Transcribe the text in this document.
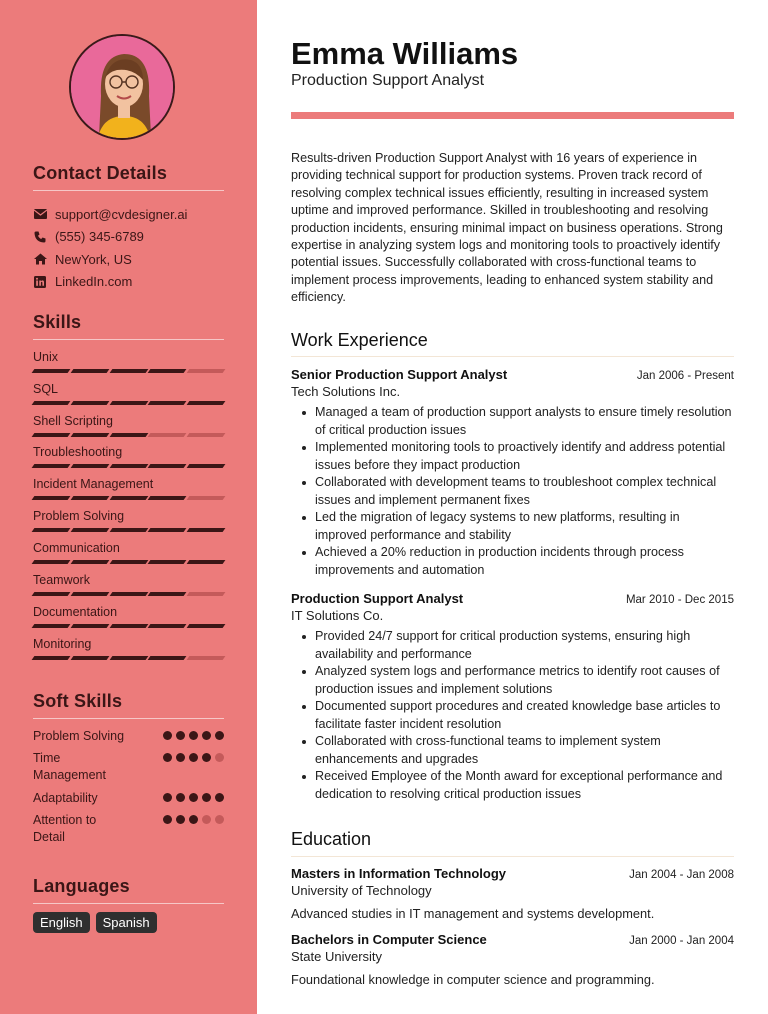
Contact Details
support@cvdesigner.ai
(555) 345-6789
NewYork, US
LinkedIn.com
Skills
Unix
SQL
Shell Scripting
Troubleshooting
Incident Management
Problem Solving
Communication
Teamwork
Documentation
Monitoring
Soft Skills
Problem Solving
Time Management
Adaptability
Attention to Detail
Languages
English	Spanish
Emma Williams
Production Support Analyst
Results-driven Production Support Analyst with 16 years of experience in providing technical support for production systems. Proven track record of resolving complex technical issues efficiently, resulting in increased system uptime and improved performance. Skilled in troubleshooting and resolving production incidents, ensuring minimal impact on business operations. Strong expertise in analyzing system logs and monitoring tools to proactively identify potential issues. Successfully collaborated with cross-functional teams to implement process improvements, leading to enhanced system stability and efficiency.
Work Experience
Senior Production Support Analyst	Jan 2006 - Present
Tech Solutions Inc.
Managed a team of production support analysts to ensure timely resolution of critical production issues
Implemented monitoring tools to proactively identify and address potential issues before they impact production
Collaborated with development teams to troubleshoot complex technical issues and implement permanent fixes
Led the migration of legacy systems to new platforms, resulting in improved performance and stability
Achieved a 20% reduction in production incidents through process improvements and automation
Production Support Analyst	Mar 2010 - Dec 2015
IT Solutions Co.
Provided 24/7 support for critical production systems, ensuring high availability and performance
Analyzed system logs and performance metrics to identify root causes of production issues and implement solutions
Documented support procedures and created knowledge base articles to facilitate faster incident resolution
Collaborated with cross-functional teams to implement system enhancements and upgrades
Received Employee of the Month award for exceptional performance and dedication to resolving critical production issues
Education
Masters in Information Technology	Jan 2004 - Jan 2008
University of Technology
Advanced studies in IT management and systems development.
Bachelors in Computer Science	Jan 2000 - Jan 2004
State University
Foundational knowledge in computer science and programming.
